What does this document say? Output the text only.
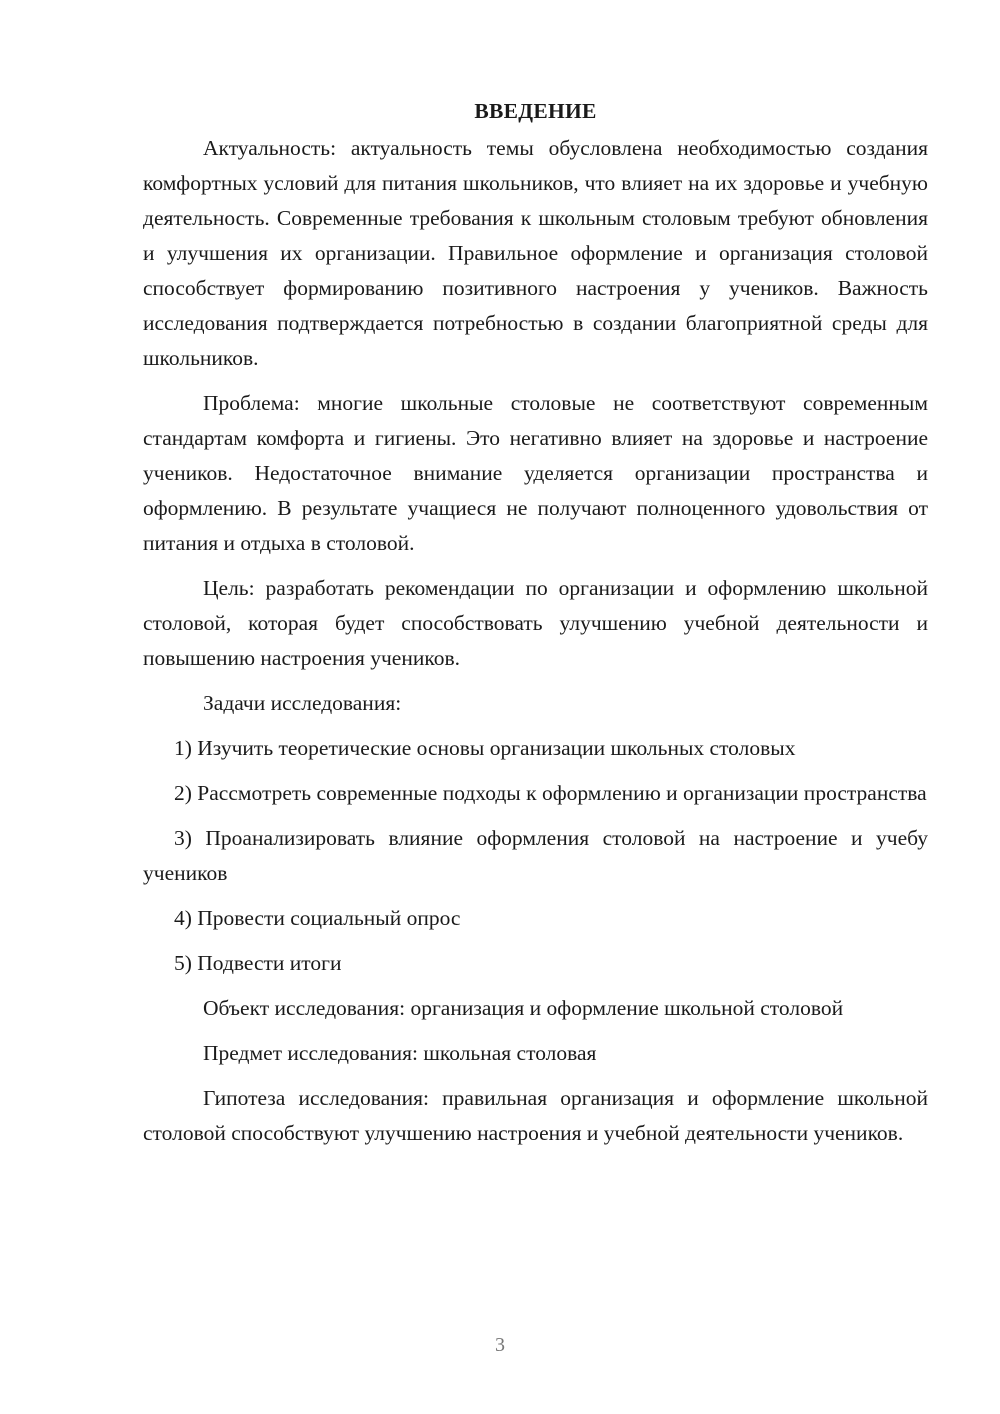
ВВЕДЕНИЕ

Актуальность: актуальность темы обусловлена необходимостью создания комфортных условий для питания школьников, что влияет на их здоровье и учебную деятельность. Современные требования к школьным столовым требуют обновления и улучшения их организации. Правильное оформление и организация столовой способствует формированию позитивного настроения у учеников. Важность исследования подтверждается потребностью в создании благоприятной среды для школьников.

Проблема: многие школьные столовые не соответствуют современным стандартам комфорта и гигиены. Это негативно влияет на здоровье и настроение учеников. Недостаточное внимание уделяется организации пространства и оформлению. В результате учащиеся не получают полноценного удовольствия от питания и отдыха в столовой.

Цель: разработать рекомендации по организации и оформлению школьной столовой, которая будет способствовать улучшению учебной деятельности и повышению настроения учеников.

Задачи исследования:

1) Изучить теоретические основы организации школьных столовых

2) Рассмотреть современные подходы к оформлению и организации пространства

3) Проанализировать влияние оформления столовой на настроение и учебу учеников

4) Провести социальный опрос

5) Подвести итоги

Объект исследования: организация и оформление школьной столовой

Предмет исследования: школьная столовая

Гипотеза исследования: правильная организация и оформление школьной столовой способствуют улучшению настроения и учебной деятельности учеников.

3
